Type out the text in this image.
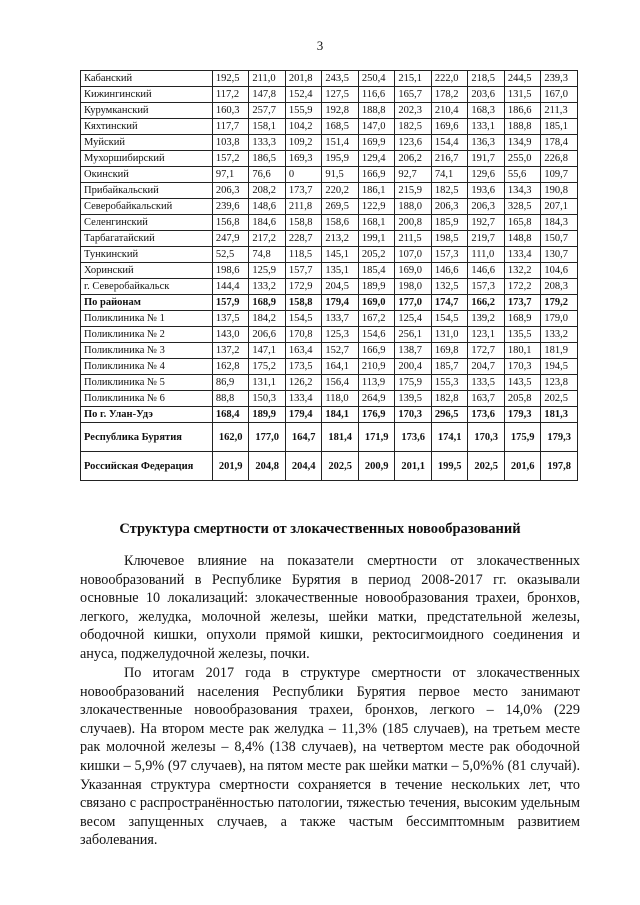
3
Кабанский	192,5	211,0	201,8	243,5	250,4	215,1	222,0	218,5	244,5	239,3
Кижингинский	117,2	147,8	152,4	127,5	116,6	165,7	178,2	203,6	131,5	167,0
Курумканский	160,3	257,7	155,9	192,8	188,8	202,3	210,4	168,3	186,6	211,3
Кяхтинский	117,7	158,1	104,2	168,5	147,0	182,5	169,6	133,1	188,8	185,1
Муйский	103,8	133,3	109,2	151,4	169,9	123,6	154,4	136,3	134,9	178,4
Мухоршибирский	157,2	186,5	169,3	195,9	129,4	206,2	216,7	191,7	255,0	226,8
Окинский	97,1	76,6	0	91,5	166,9	92,7	74,1	129,6	55,6	109,7
Прибайкальский	206,3	208,2	173,7	220,2	186,1	215,9	182,5	193,6	134,3	190,8
Северобайкальский	239,6	148,6	211,8	269,5	122,9	188,0	206,3	206,3	328,5	207,1
Селенгинский	156,8	184,6	158,8	158,6	168,1	200,8	185,9	192,7	165,8	184,3
Тарбагатайский	247,9	217,2	228,7	213,2	199,1	211,5	198,5	219,7	148,8	150,7
Тункинский	52,5	74,8	118,5	145,1	205,2	107,0	157,3	111,0	133,4	130,7
Хоринский	198,6	125,9	157,7	135,1	185,4	169,0	146,6	146,6	132,2	104,6
г. Северобайкальск	144,4	133,2	172,9	204,5	189,9	198,0	132,5	157,3	172,2	208,3
По районам	157,9	168,9	158,8	179,4	169,0	177,0	174,7	166,2	173,7	179,2
Поликлиника № 1	137,5	184,2	154,5	133,7	167,2	125,4	154,5	139,2	168,9	179,0
Поликлиника № 2	143,0	206,6	170,8	125,3	154,6	256,1	131,0	123,1	135,5	133,2
Поликлиника № 3	137,2	147,1	163,4	152,7	166,9	138,7	169,8	172,7	180,1	181,9
Поликлиника № 4	162,8	175,2	173,5	164,1	210,9	200,4	185,7	204,7	170,3	194,5
Поликлиника № 5	86,9	131,1	126,2	156,4	113,9	175,9	155,3	133,5	143,5	123,8
Поликлиника № 6	88,8	150,3	133,4	118,0	264,9	139,5	182,8	163,7	205,8	202,5
По г. Улан-Удэ	168,4	189,9	179,4	184,1	176,9	170,3	296,5	173,6	179,3	181,3
Республика Бурятия	162,0	177,0	164,7	181,4	171,9	173,6	174,1	170,3	175,9	179,3
Российская Федерация	201,9	204,8	204,4	202,5	200,9	201,1	199,5	202,5	201,6	197,8
Структура смертности от злокачественных новообразований

Ключевое влияние на показатели смертности от злокачественных новообразований в Республике Бурятия в период 2008-2017 гг. оказывали основные 10 локализаций: злокачественные новообразования трахеи, бронхов, легкого, желудка, молочной железы, шейки матки, предстательной железы, ободочной кишки, опухоли прямой кишки, ректосигмоидного соединения и ануса, поджелудочной железы, почки.

По итогам 2017 года в структуре смертности от злокачественных новообразований населения Республики Бурятия первое место занимают злокачественные новообразования трахеи, бронхов, легкого – 14,0% (229 случаев). На втором месте рак желудка – 11,3% (185 случаев), на третьем месте рак молочной железы – 8,4% (138 случаев), на четвертом месте рак ободочной кишки – 5,9% (97 случаев), на пятом месте рак шейки матки – 5,0%% (81 случай). Указанная структура смертности сохраняется в течение нескольких лет, что связано с распространённостью патологии, тяжестью течения, высоким удельным весом запущенных случаев, а также частым бессимптомным развитием заболевания.
